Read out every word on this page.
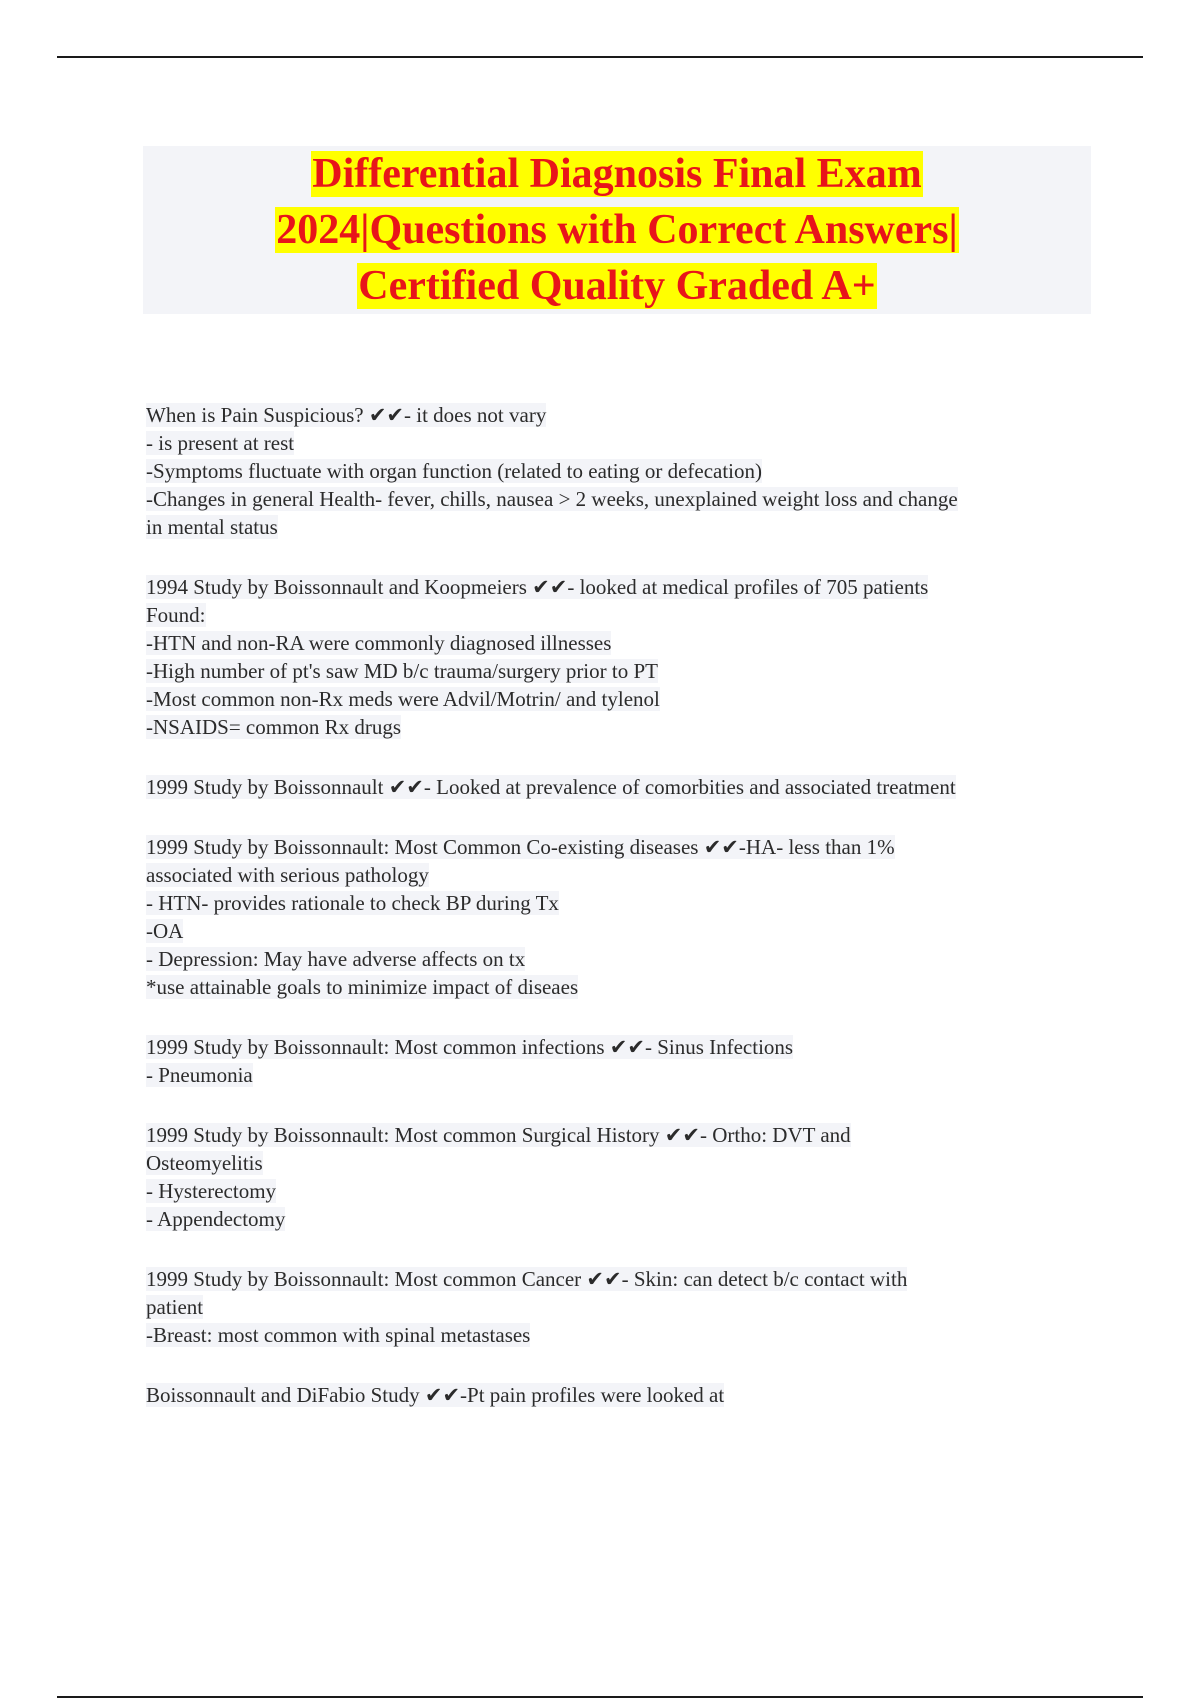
Differential Diagnosis Final Exam
2024|Questions with Correct Answers|
Certified Quality Graded A+
When is Pain Suspicious? ✔✔- it does not vary
- is present at rest
-Symptoms fluctuate with organ function (related to eating or defecation)
-Changes in general Health- fever, chills, nausea > 2 weeks, unexplained weight loss and change
in mental status
1994 Study by Boissonnault and Koopmeiers ✔✔- looked at medical profiles of 705 patients
Found:
-HTN and non-RA were commonly diagnosed illnesses
-High number of pt's saw MD b/c trauma/surgery prior to PT
-Most common non-Rx meds were Advil/Motrin/ and tylenol
-NSAIDS= common Rx drugs
1999 Study by Boissonnault ✔✔- Looked at prevalence of comorbities and associated treatment
1999 Study by Boissonnault: Most Common Co-existing diseases ✔✔-HA- less than 1%
associated with serious pathology
- HTN- provides rationale to check BP during Tx
-OA
- Depression: May have adverse affects on tx
*use attainable goals to minimize impact of diseaes
1999 Study by Boissonnault: Most common infections ✔✔- Sinus Infections
- Pneumonia
1999 Study by Boissonnault: Most common Surgical History ✔✔- Ortho: DVT and
Osteomyelitis
- Hysterectomy
- Appendectomy
1999 Study by Boissonnault: Most common Cancer ✔✔- Skin: can detect b/c contact with
patient
-Breast: most common with spinal metastases
Boissonnault and DiFabio Study ✔✔-Pt pain profiles were looked at
